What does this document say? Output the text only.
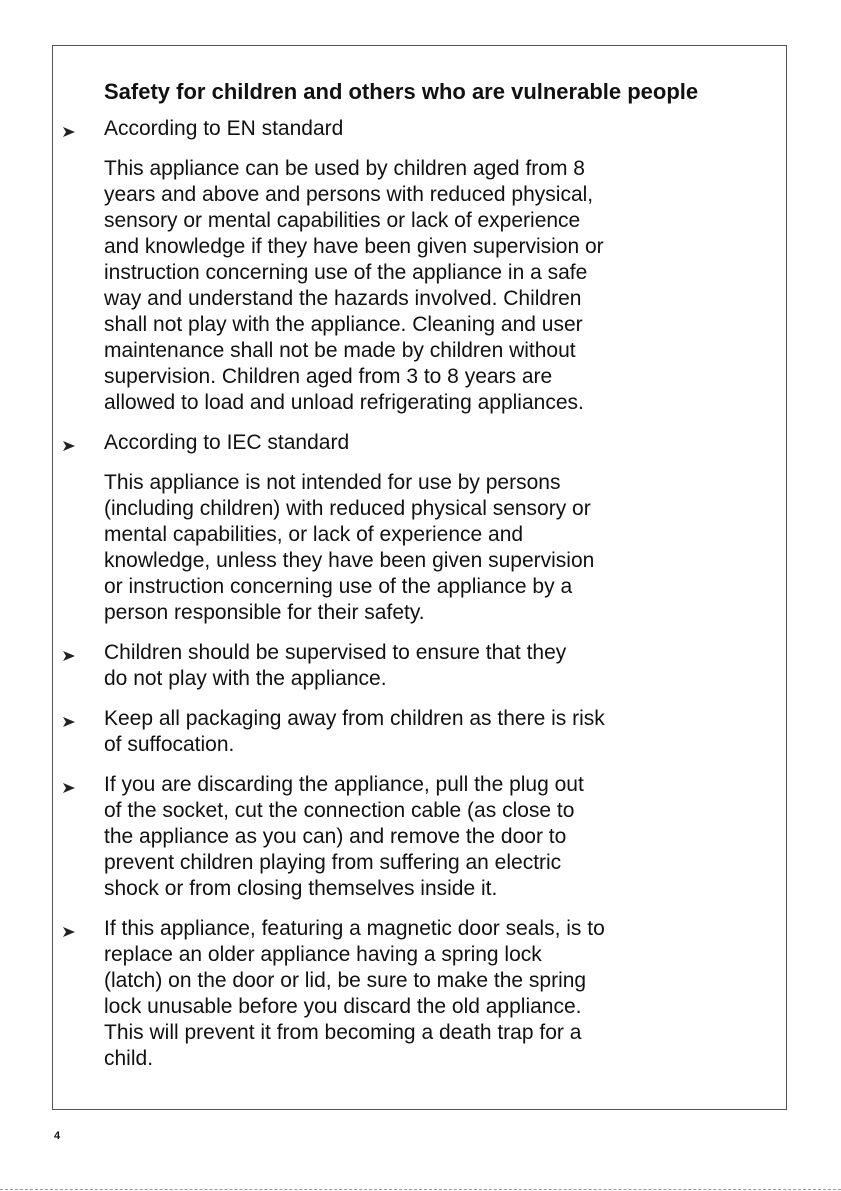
Safety for children and others who are vulnerable people
According to EN standard
This appliance can be used by children aged from 8
years and above and persons with reduced physical,
sensory or mental capabilities or lack of experience
and knowledge if they have been given supervision or
instruction concerning use of the appliance in a safe
way and understand the hazards involved. Children
shall not play with the appliance. Cleaning and user
maintenance shall not be made by children without
supervision. Children aged from 3 to 8 years are
allowed to load and unload refrigerating appliances.
According to IEC standard
This appliance is not intended for use by persons
(including children) with reduced physical sensory or
mental capabilities, or lack of experience and
knowledge, unless they have been given supervision
or instruction concerning use of the appliance by a
person responsible for their safety.
Children should be supervised to ensure that they
do not play with the appliance.
Keep all packaging away from children as there is risk
of suffocation.
If you are discarding the appliance, pull the plug out
of the socket, cut the connection cable (as close to
the appliance as you can) and remove the door to
prevent children playing from suffering an electric
shock or from closing themselves inside it.
If this appliance, featuring a magnetic door seals, is to
replace an older appliance having a spring lock
(latch) on the door or lid, be sure to make the spring
lock unusable before you discard the old appliance.
This will prevent it from becoming a death trap for a
child.
4
